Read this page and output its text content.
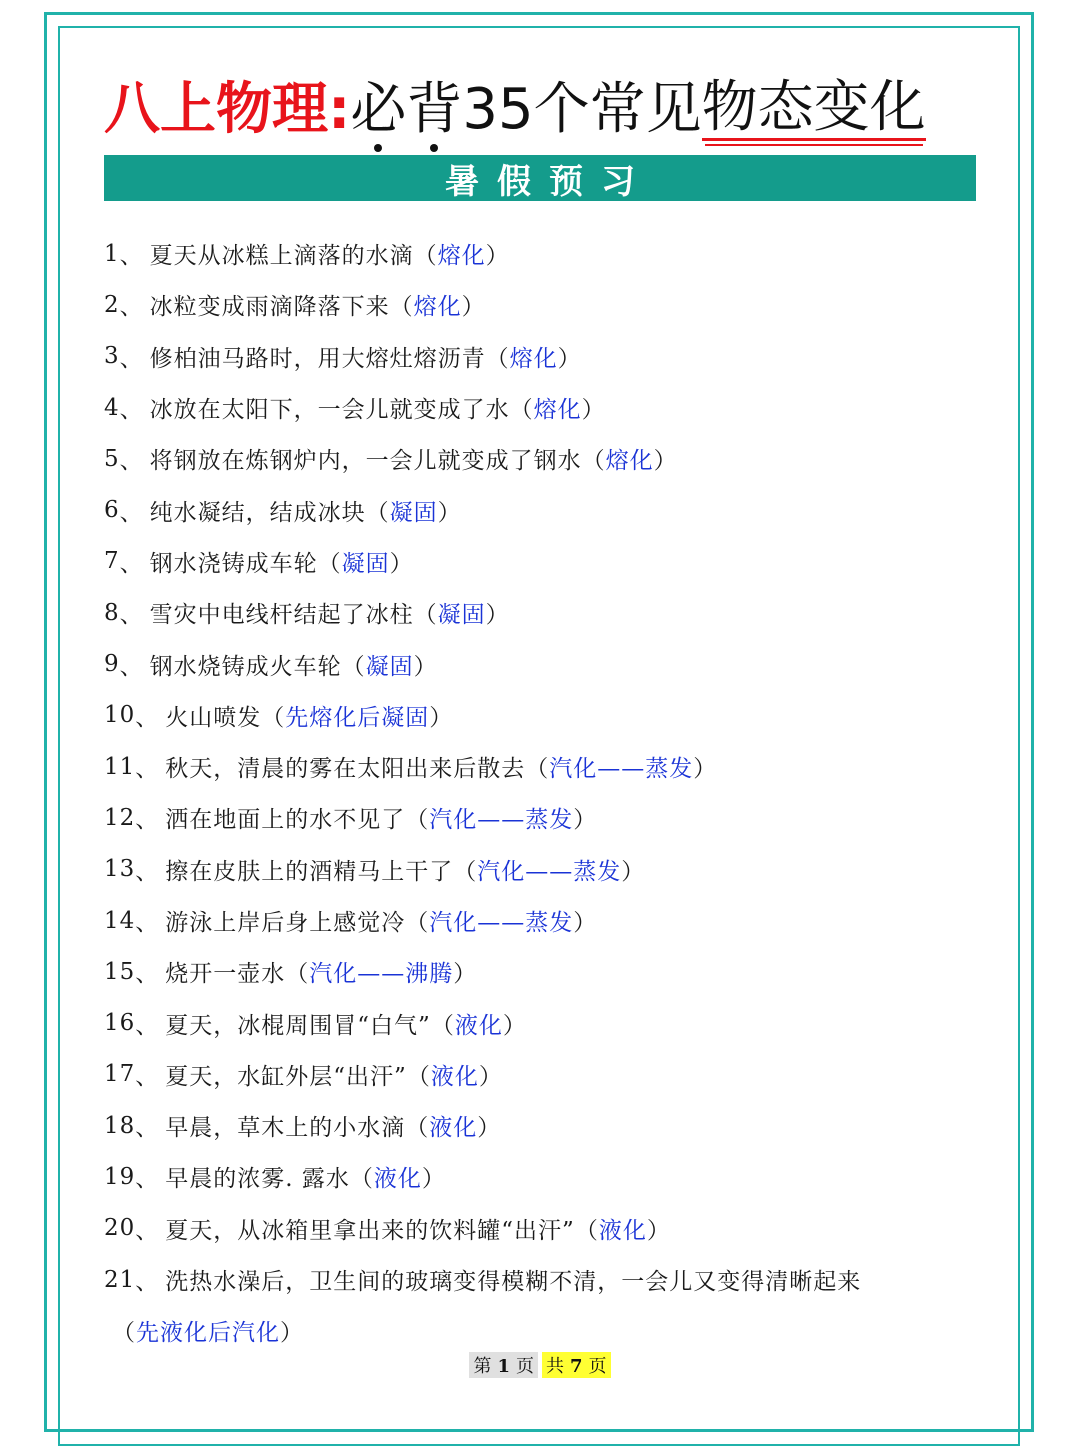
八上物理: 必背 35个常见 物态变化
暑假预习
1 、 夏天从冰糕上滴落的水滴 （ 熔化 ）
2 、 冰粒变成雨滴降落下来 （ 熔化 ）
3 、 修柏油马路时，用大熔灶熔沥青 （ 熔化 ）
4 、 冰放在太阳下，一会儿就变成了水 （ 熔化 ）
5 、 将钢放在炼钢炉内，一会儿就变成了钢水 （ 熔化 ）
6 、 纯水凝结，结成冰块 （ 凝固 ）
7 、 钢水浇铸成车轮 （ 凝固 ）
8 、 雪灾中电线杆结起了冰柱 （ 凝固 ）
9 、 钢水烧铸成火车轮 （ 凝固 ）
10 、 火山喷发 （ 先熔化后凝固 ）
11 、 秋天，清晨的雾在太阳出来后散去 （ 汽化——蒸发 ）
12 、 洒在地面上的水不见了 （ 汽化——蒸发 ）
13 、 擦在皮肤上的酒精马上干了 （ 汽化——蒸发 ）
14 、 游泳上岸后身上感觉冷 （ 汽化——蒸发 ）
15 、 烧开一壶水 （ 汽化——沸腾 ）
16 、 夏天，冰棍周围冒“白气” （ 液化 ）
17 、 夏天，水缸外层“出汗” （ 液化 ）
18 、 早晨，草木上的小水滴 （ 液化 ）
19 、 早晨的浓雾. 露水 （ 液化 ）
20 、 夏天，从冰箱里拿出来的饮料罐“出汗” （ 液化 ）
21 、 洗热水澡后，卫生间的玻璃变得模糊不清，一会儿又变得清晰起来
（ 先液化后汽化 ）
第 1 页 共 7 页
